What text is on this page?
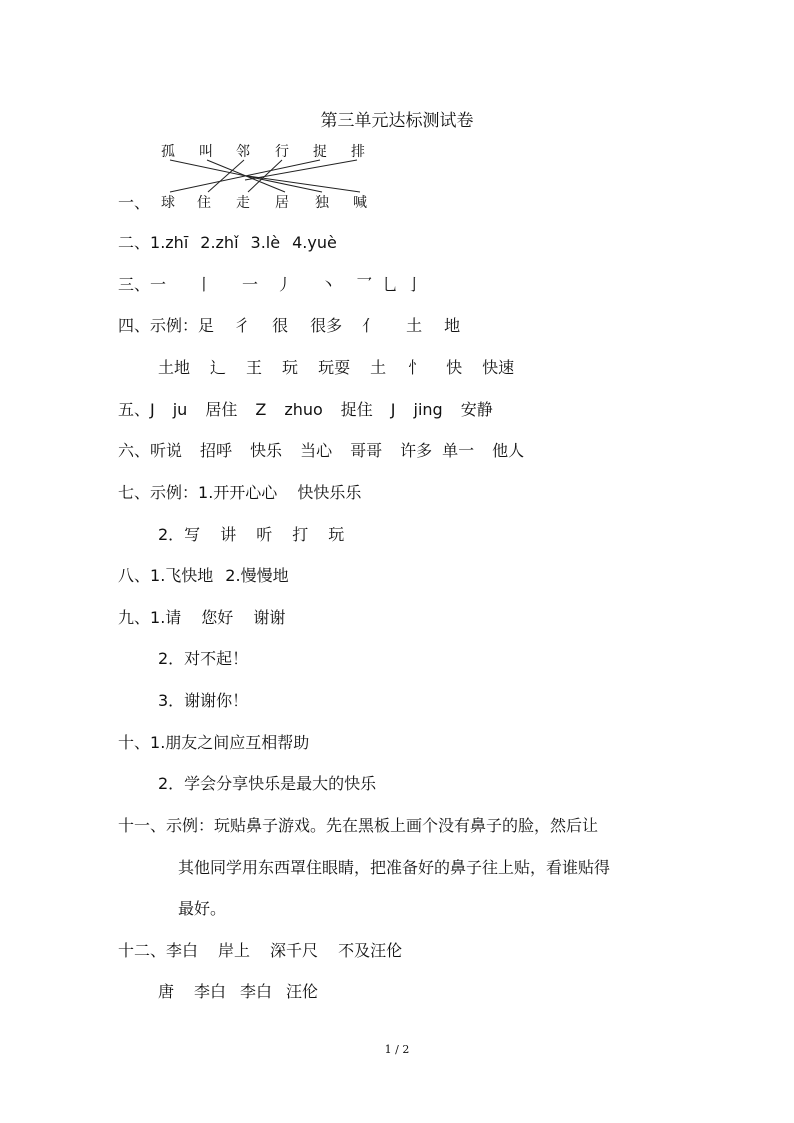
第三单元达标测试卷
孤 叫 邻 行 捉 排
一、 球 住 走 居 独 喊
二、1.zhī 2.zhǐ 3.lè 4.yuè
三、一 丨 一 丿 丶 乛 乚 亅
四、示例：足 彳 很 很多 亻 土 地
土地 辶 王 玩 玩耍 土 忄 快 快速
五、J ju 居住 Z zhuo 捉住 J jing 安静
六、听说 招呼 快乐 当心 哥哥 许多 单一 他人
七、示例：1.开开心心 快快乐乐
2．写 讲 听 打 玩
八、1.飞快地 2.慢慢地
九、1.请 您好 谢谢
2．对不起！
3．谢谢你！
十、1.朋友之间应互相帮助
2．学会分享快乐是最大的快乐
十一、示例：玩贴鼻子游戏。先在黑板上画个没有鼻子的脸，然后让
其他同学用东西罩住眼睛，把准备好的鼻子往上贴，看谁贴得
最好。
十二、李白 岸上 深千尺 不及汪伦
唐 李白 李白 汪伦
1 / 2
